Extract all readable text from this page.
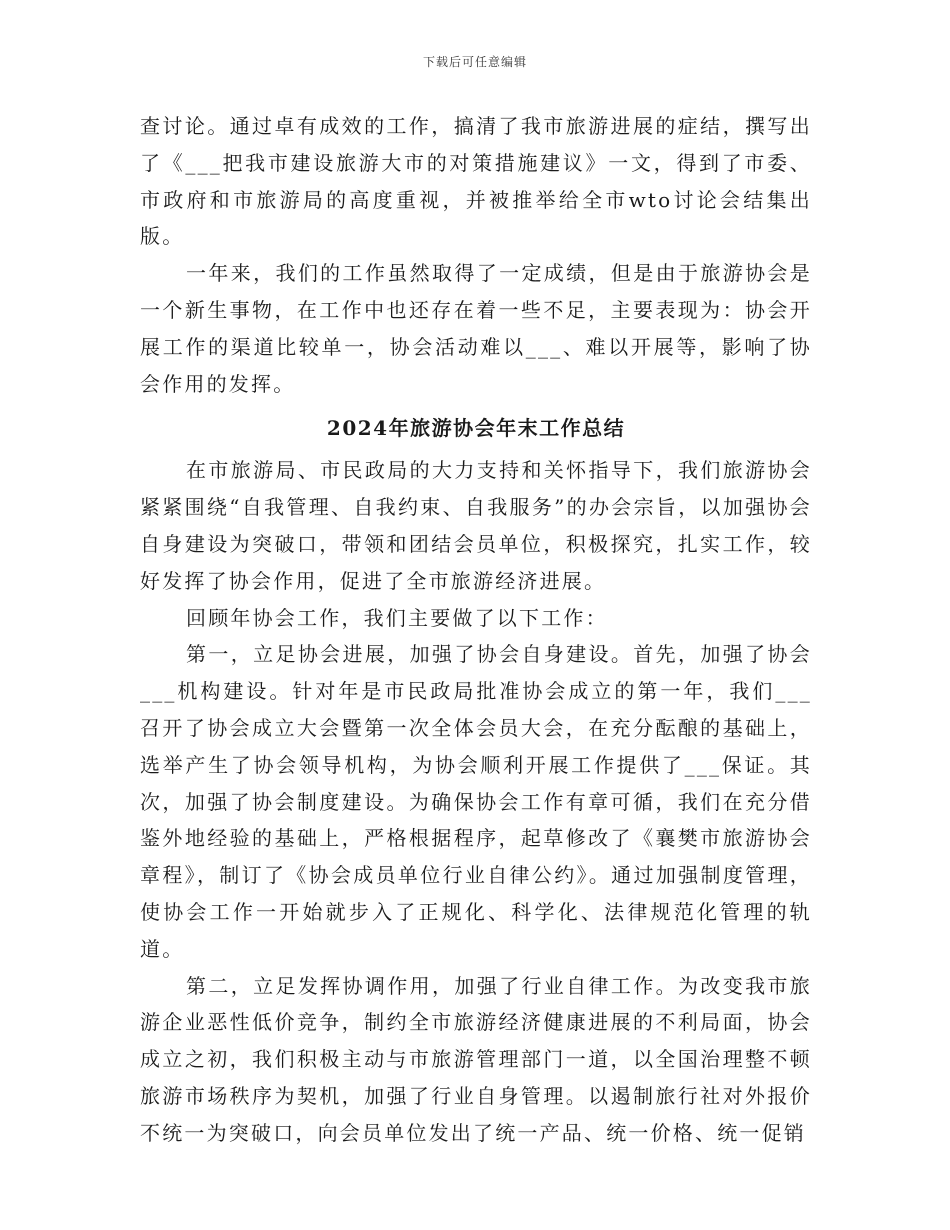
下载后可任意编辑

查讨论。通过卓有成效的工作，搞清了我市旅游进展的症结，撰写出了《___把我市建设旅游大市的对策措施建议》一文，得到了市委、市政府和市旅游局的高度重视，并被推举给全市wto讨论会结集出版。

一年来，我们的工作虽然取得了一定成绩，但是由于旅游协会是一个新生事物，在工作中也还存在着一些不足，主要表现为：协会开展工作的渠道比较单一，协会活动难以___、难以开展等，影响了协会作用的发挥。

2024年旅游协会年末工作总结

在市旅游局、市民政局的大力支持和关怀指导下，我们旅游协会紧紧围绕“自我管理、自我约束、自我服务”的办会宗旨，以加强协会自身建设为突破口，带领和团结会员单位，积极探究，扎实工作，较好发挥了协会作用，促进了全市旅游经济进展。

回顾年协会工作，我们主要做了以下工作：

第一，立足协会进展，加强了协会自身建设。首先，加强了协会___机构建设。针对年是市民政局批准协会成立的第一年，我们___召开了协会成立大会暨第一次全体会员大会，在充分酝酿的基础上，选举产生了协会领导机构，为协会顺利开展工作提供了___保证。其次，加强了协会制度建设。为确保协会工作有章可循，我们在充分借鉴外地经验的基础上，严格根据程序，起草修改了《襄樊市旅游协会章程》，制订了《协会成员单位行业自律公约》。通过加强制度管理，使协会工作一开始就步入了正规化、科学化、法律规范化管理的轨道。

第二，立足发挥协调作用，加强了行业自律工作。为改变我市旅游企业恶性低价竞争，制约全市旅游经济健康进展的不利局面，协会成立之初，我们积极主动与市旅游管理部门一道，以全国治理整不顿旅游市场秩序为契机，加强了行业自身管理。以遏制旅行社对外报价不统一为突破口，向会员单位发出了统一产品、统一价格、统一促销
